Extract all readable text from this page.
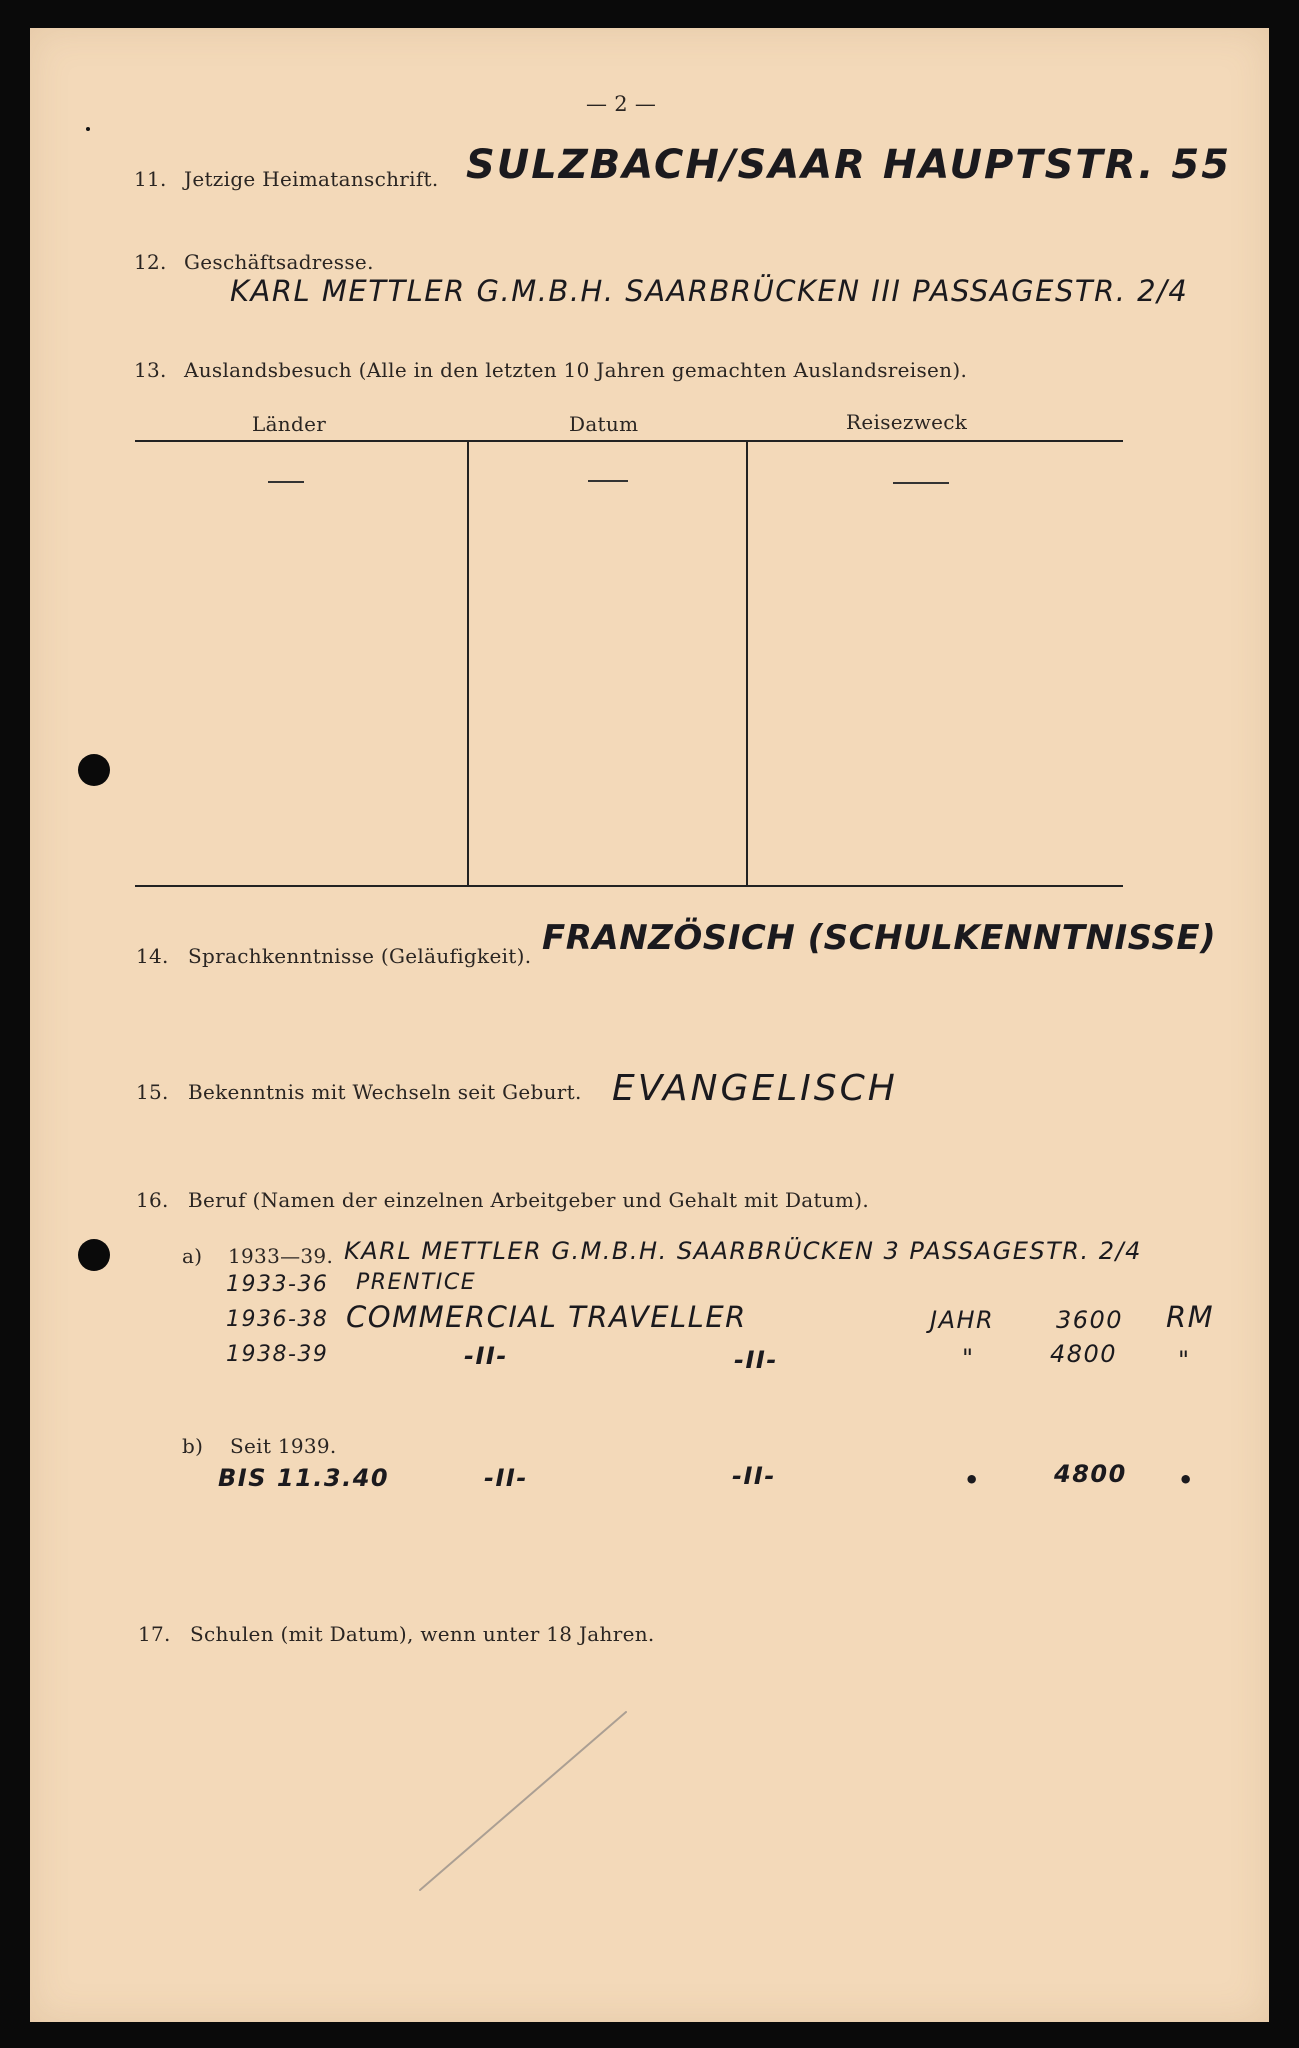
— 2 —
11. Jetzige Heimatanschrift. SULZBACH/SAAR HAUPTSTR. 55
12. Geschäftsadresse.
KARL METTLER G.M.B.H. SAARBRÜCKEN III PASSAGESTR. 2/4
13. Auslandsbesuch (Alle in den letzten 10 Jahren gemachten Auslandsreisen).
Länder	Datum	Reisezweck
14. Sprachkenntnisse (Geläufigkeit). FRANZÖSICH (SCHULKENNTNISSE)
15. Bekenntnis mit Wechseln seit Geburt. EVANGELISCH
16. Beruf (Namen der einzelnen Arbeitgeber und Gehalt mit Datum).
a) 1933—39. KARL METTLER G.M.B.H. SAARBRÜCKEN 3 PASSAGESTR. 2/4
1933-36 PRENTICE
1936-38 COMMERCIAL TRAVELLER	JAHR	3600 RM
1938-39	-II-	-II-	"	4800	"
b) Seit 1939.
BIS 11.3.40	-II-	-II-	•	4800 •
17. Schulen (mit Datum), wenn unter 18 Jahren.
